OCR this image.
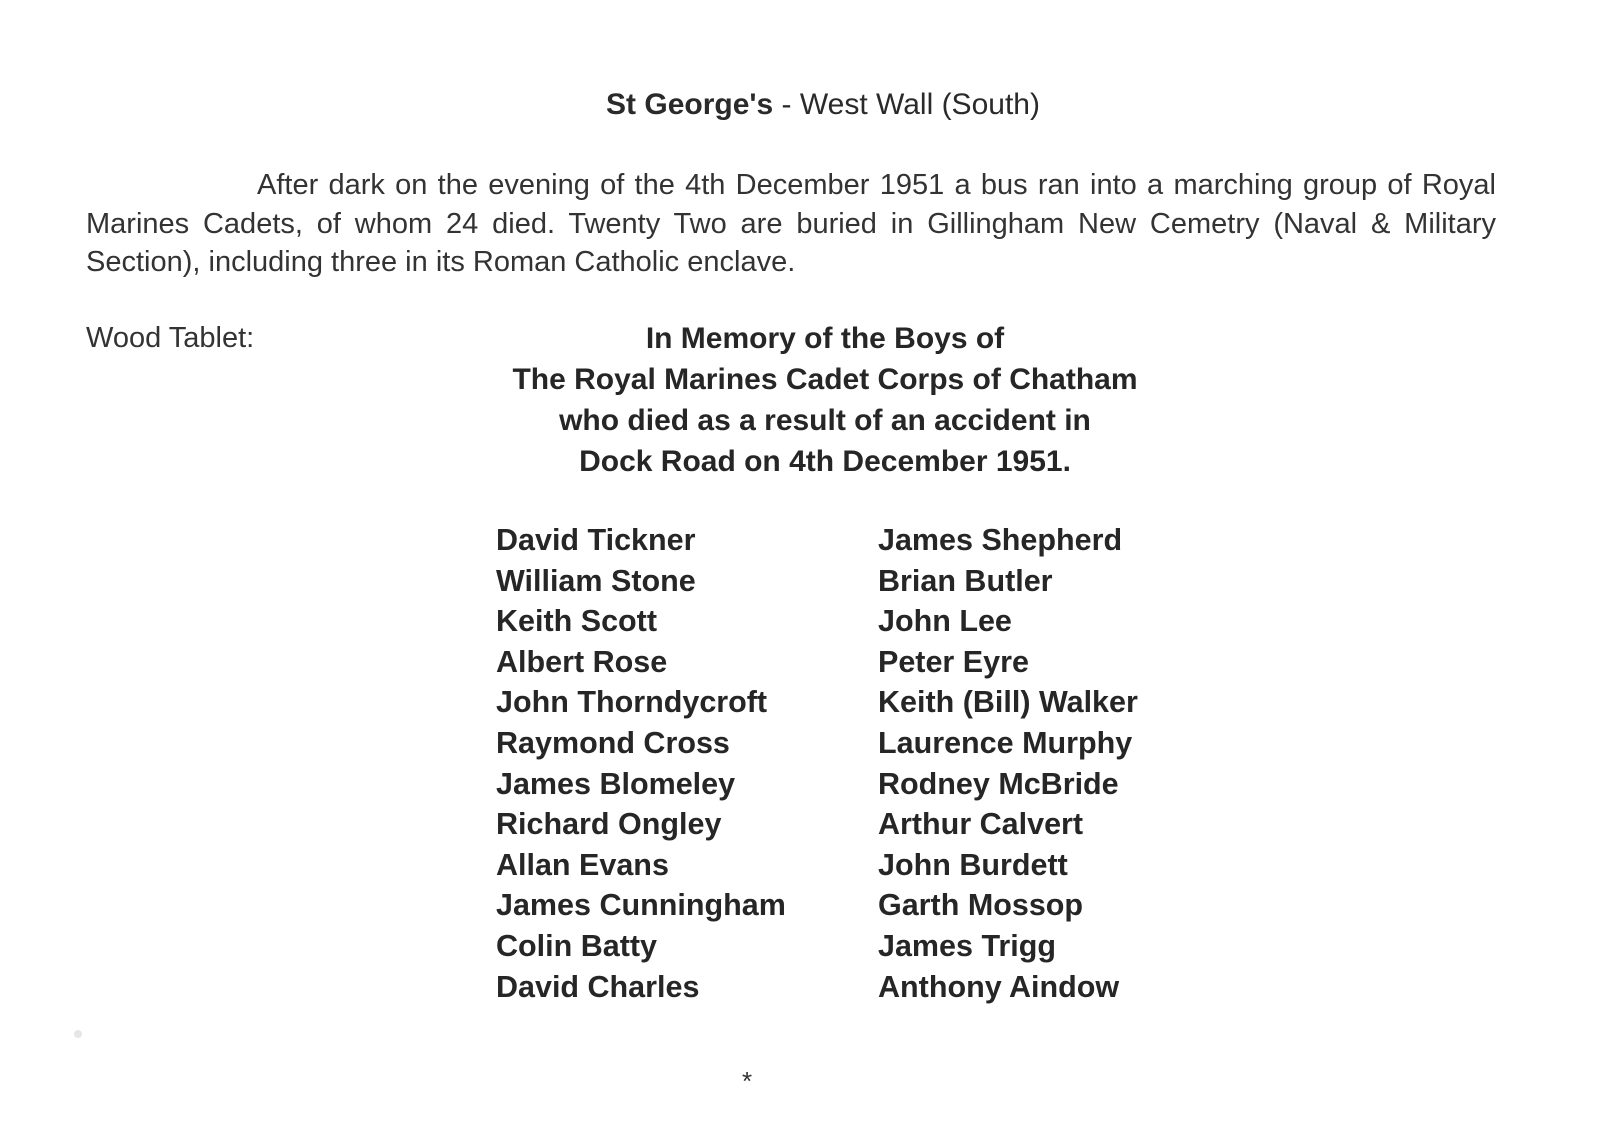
St George's - West Wall (South)

After dark on the evening of the 4th December 1951 a bus ran into a marching group of Royal Marines Cadets, of whom 24 died. Twenty Two are buried in Gillingham New Cemetry (Naval & Military Section), including three in its Roman Catholic enclave.

Wood Tablet:	In Memory of the Boys of
The Royal Marines Cadet Corps of Chatham
who died as a result of an accident in
Dock Road on 4th December 1951.
David Tickner
William Stone
Keith Scott
Albert Rose
John Thorndycroft
Raymond Cross
James Blomeley
Richard Ongley
Allan Evans
James Cunningham
Colin Batty
David Charles
James Shepherd
Brian Butler
John Lee
Peter Eyre
Keith (Bill) Walker
Laurence Murphy
Rodney McBride
Arthur Calvert
John Burdett
Garth Mossop
James Trigg
Anthony Aindow
*
